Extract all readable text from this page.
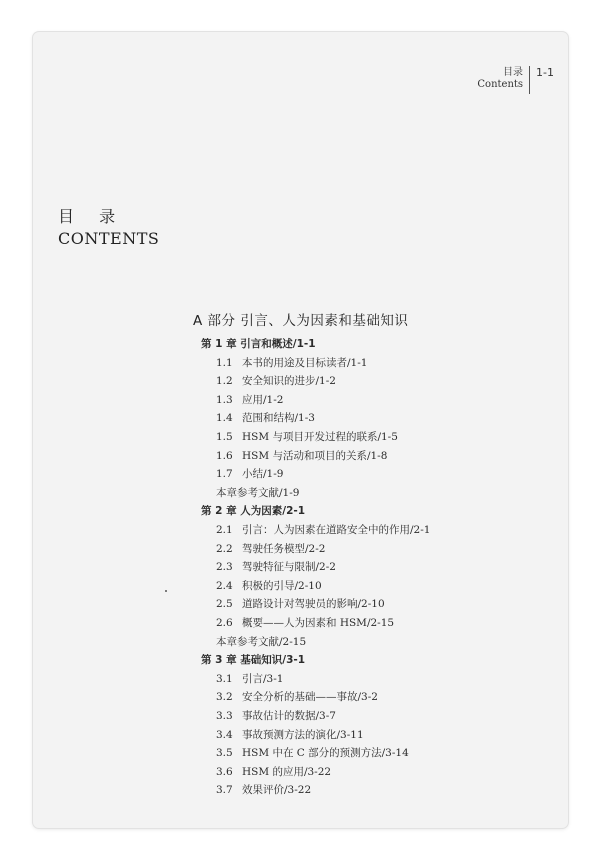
目录
Contents
1-1
目 录
CONTENTS
A 部分 引言、人为因素和基础知识
第 1 章 引言和概述/1-1
1.1 本书的用途及目标读者/1-1
1.2 安全知识的进步/1-2
1.3 应用/1-2
1.4 范围和结构/1-3
1.5 HSM 与项目开发过程的联系/1-5
1.6 HSM 与活动和项目的关系/1-8
1.7 小结/1-9
本章参考文献/1-9
第 2 章 人为因素/2-1
2.1 引言：人为因素在道路安全中的作用/2-1
2.2 驾驶任务模型/2-2
2.3 驾驶特征与限制/2-2
2.4 积极的引导/2-10
2.5 道路设计对驾驶员的影响/2-10
2.6 概要——人为因素和 HSM/2-15
本章参考文献/2-15
第 3 章 基础知识/3-1
3.1 引言/3-1
3.2 安全分析的基础——事故/3-2
3.3 事故估计的数据/3-7
3.4 事故预测方法的演化/3-11
3.5 HSM 中在 C 部分的预测方法/3-14
3.6 HSM 的应用/3-22
3.7 效果评价/3-22
